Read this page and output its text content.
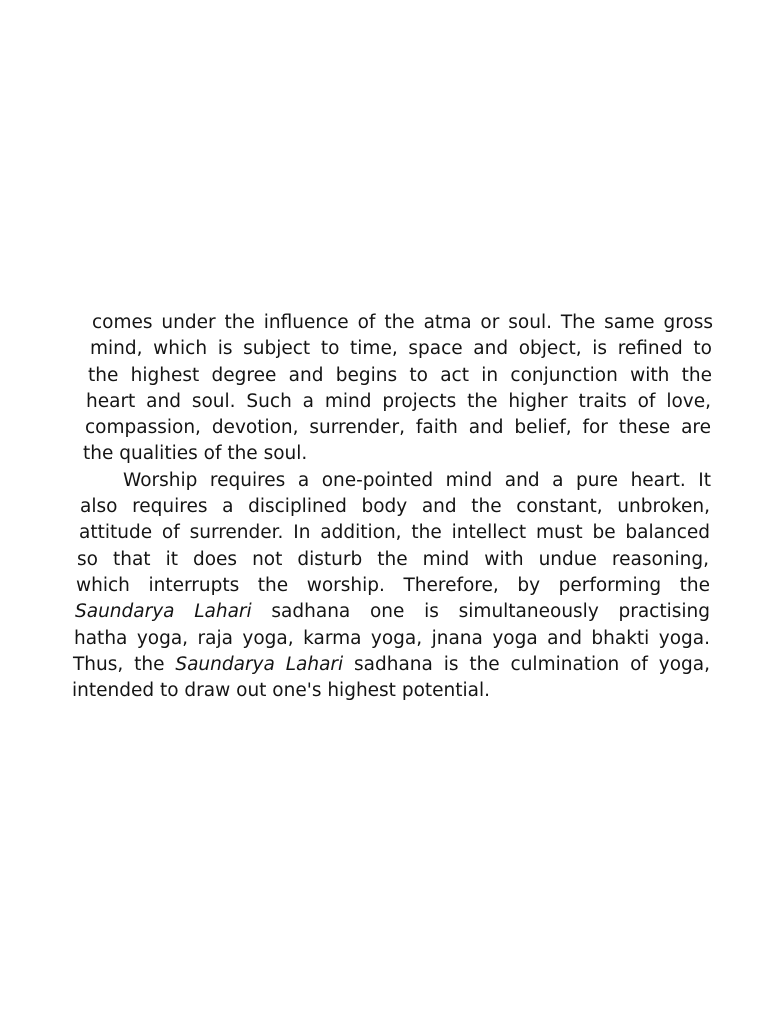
comes under the influence of the atma or soul. The same gross
mind, which is subject to time, space and object, is refined to
the highest degree and begins to act in conjunction with the
heart and soul. Such a mind projects the higher traits of love,
compassion, devotion, surrender, faith and belief, for these are
the qualities of the soul.
Worship requires a one-pointed mind and a pure heart. It
also requires a disciplined body and the constant, unbroken,
attitude of surrender. In addition, the intellect must be balanced
so that it does not disturb the mind with undue reasoning,
which interrupts the worship. Therefore, by performing the
Saundarya Lahari sadhana one is simultaneously practising
hatha yoga, raja yoga, karma yoga, jnana yoga and bhakti yoga.
Thus, the Saundarya Lahari sadhana is the culmination of yoga,
intended to draw out one's highest potential.
